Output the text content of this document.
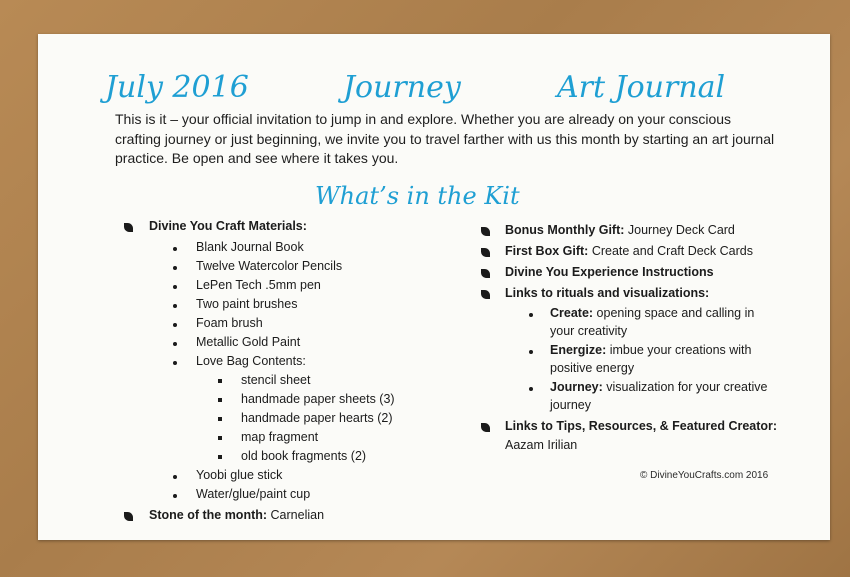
July 2016	Journey	Art Journal
This is it – your official invitation to jump in and explore. Whether you are already on your conscious crafting journey or just beginning, we invite you to travel farther with us this month by starting an art journal practice. Be open and see where it takes you.
What’s in the Kit
Divine You Craft Materials:
Blank Journal Book
Twelve Watercolor Pencils
LePen Tech .5mm pen
Two paint brushes
Foam brush
Metallic Gold Paint
Love Bag Contents:
stencil sheet
handmade paper sheets (3)
handmade paper hearts (2)
map fragment
old book fragments (2)
Yoobi glue stick
Water/glue/paint cup
Stone of the month: Carnelian
Bonus Monthly Gift: Journey Deck Card
First Box Gift: Create and Craft Deck Cards
Divine You Experience Instructions
Links to rituals and visualizations:
Create: opening space and calling in
your creativity
Energize: imbue your creations with
positive energy
Journey: visualization for your creative
journey
Links to Tips, Resources, & Featured Creator:
Aazam Irilian
© DivineYouCrafts.com 2016
